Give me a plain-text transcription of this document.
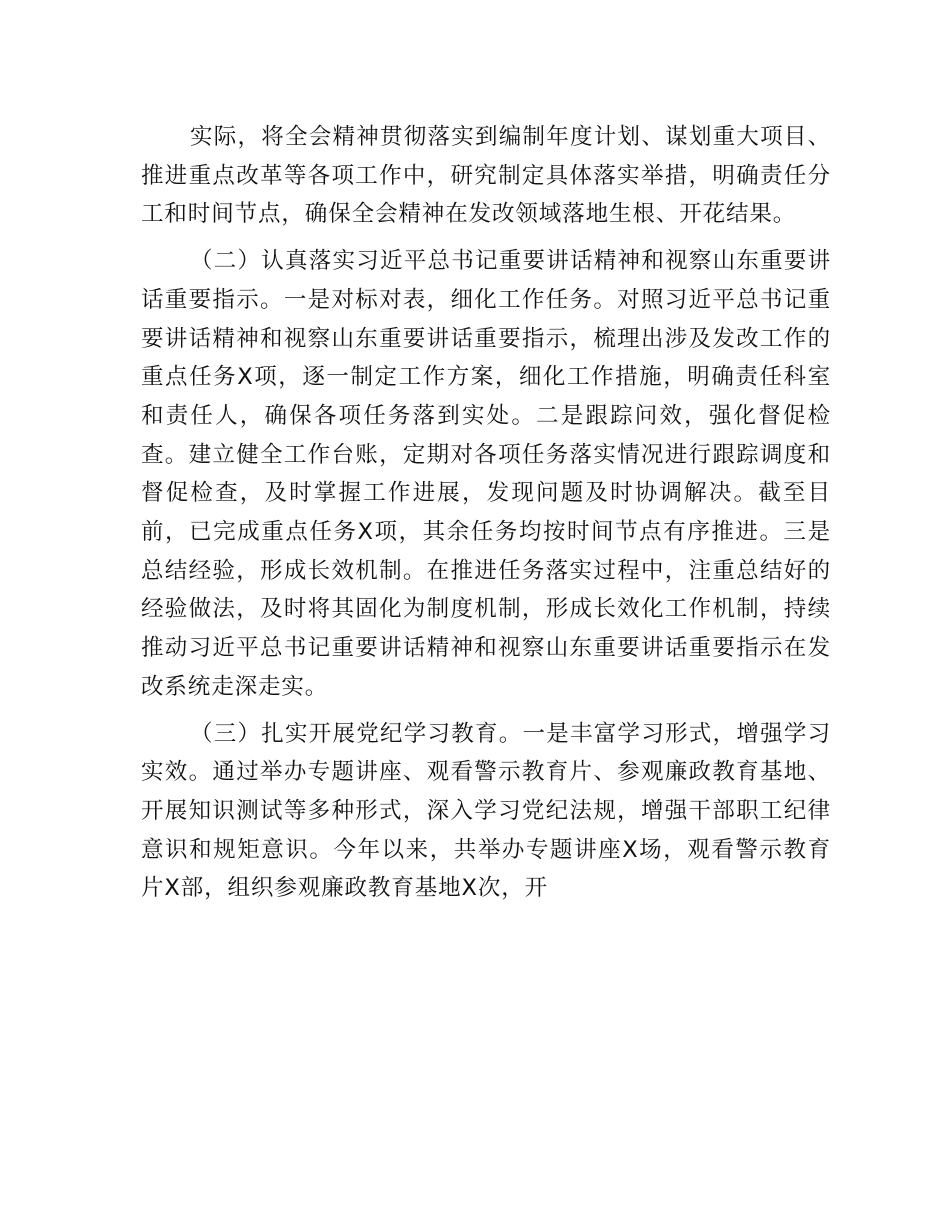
实际，将全会精神贯彻落实到编制年度计划、谋划重大项目、推进重点改革等各项工作中，研究制定具体落实举措，明确责任分工和时间节点，确保全会精神在发改领域落地生根、开花结果。

（二）认真落实习近平总书记重要讲话精神和视察山东重要讲话重要指示。一是对标对表，细化工作任务。对照习近平总书记重要讲话精神和视察山东重要讲话重要指示，梳理出涉及发改工作的重点任务X项，逐一制定工作方案，细化工作措施，明确责任科室和责任人，确保各项任务落到实处。二是跟踪问效，强化督促检查。建立健全工作台账，定期对各项任务落实情况进行跟踪调度和督促检查，及时掌握工作进展，发现问题及时协调解决。截至目前，已完成重点任务X项，其余任务均按时间节点有序推进。三是总结经验，形成长效机制。在推进任务落实过程中，注重总结好的经验做法，及时将其固化为制度机制，形成长效化工作机制，持续推动习近平总书记重要讲话精神和视察山东重要讲话重要指示在发改系统走深走实。

（三）扎实开展党纪学习教育。一是丰富学习形式，增强学习实效。通过举办专题讲座、观看警示教育片、参观廉政教育基地、开展知识测试等多种形式，深入学习党纪法规，增强干部职工纪律意识和规矩意识。今年以来，共举办专题讲座X场，观看警示教育片X部，组织参观廉政教育基地X次，开
